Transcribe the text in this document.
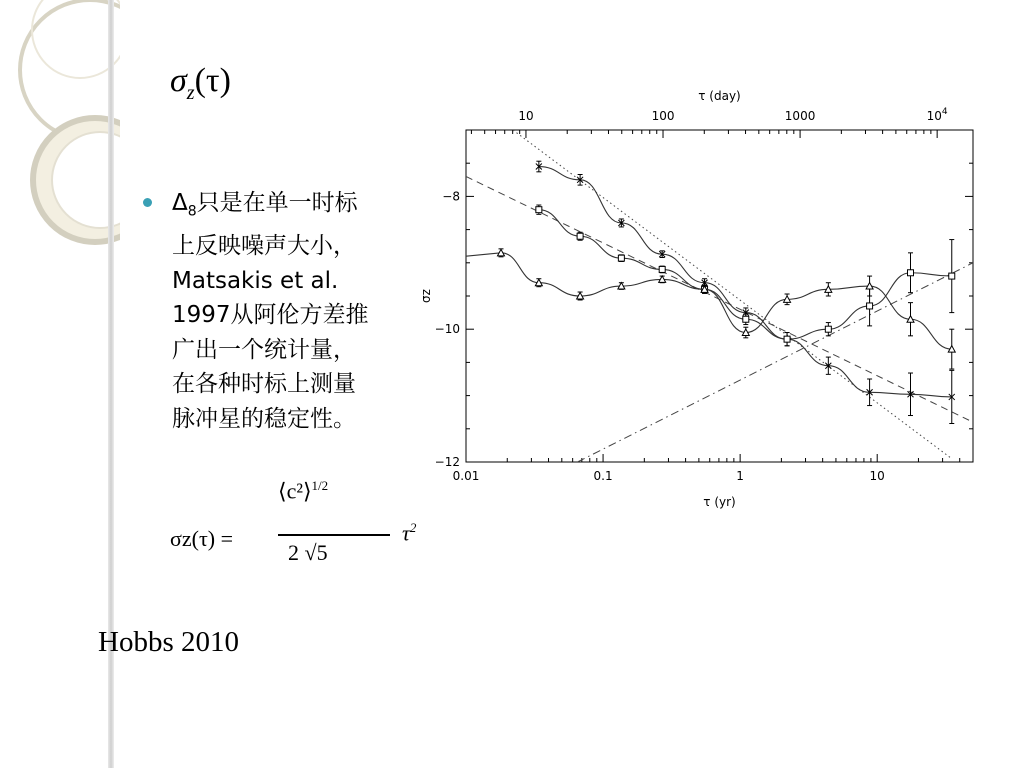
$\sigma_z(\tau)$
$\Delta_8$只是在单一时标上反映噪声大小，Matsakis et al. 1997从阿伦方差推广出一个统计量，在各种时标上测量脉冲星的稳定性。
σz(τ) =
⟨c²⟩$^{1/2}$
2 √5
$\tau^2$
Hobbs 2010
0.01	0.1	1	10
10	100	1000	$10^4$
−8
−10
−12
τ (yr)
τ (day)
σz
